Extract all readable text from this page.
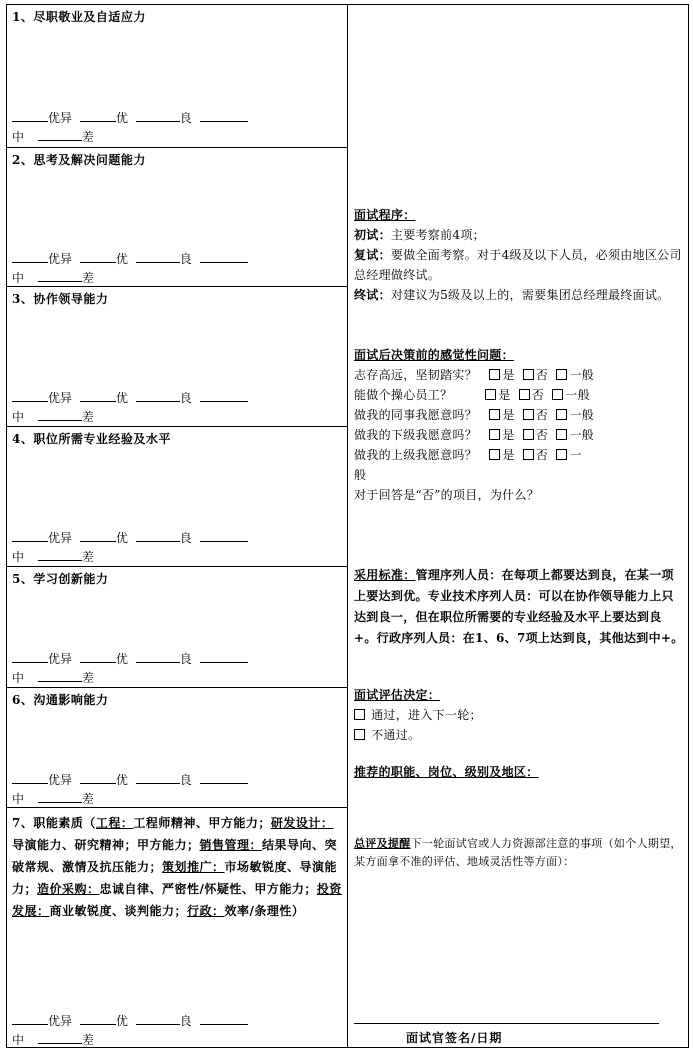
1、尽职敬业及自适应力
优异	优	良
中	差
2、思考及解决问题能力
优异	优	良
中	差
3、协作领导能力
优异	优	良
中	差
4、职位所需专业经验及水平
优异	优	良
中	差
5、学习创新能力
优异	优	良
中	差
6、沟通影响能力
优异	优	良
中	差
7、职能素质（工程：工程师精神、甲方能力；研发设计：导演能力、研究精神；甲方能力；销售管理：结果导向、突破常规、激情及抗压能力；策划推广：市场敏锐度、导演能力；造价采购：忠诚自律、严密性/怀疑性、甲方能力；投资发展：商业敏锐度、谈判能力；行政：效率/条理性）
优异	优	良
中	差
面试程序：
初试：主要考察前4项；
复试：要做全面考察。对于4级及以下人员，必须由地区公司总经理做终试。
终试：对建议为5级及以上的，需要集团总经理最终面试。
面试后决策前的感觉性问题：
志存高远，坚韧踏实？ 是 否 一般
能做个操心员工？	是 否 一般
做我的同事我愿意吗？ 是 否 一般
做我的下级我愿意吗？ 是 否 一般
做我的上级我愿意吗？ 是 否 一
般
对于回答是“否”的项目，为什么？
采用标准：管理序列人员：在每项上都要达到良，在某一项上要达到优。专业技术序列人员：可以在协作领导能力上只达到良一，但在职位所需要的专业经验及水平上要达到良+。行政序列人员：在1、6、7项上达到良，其他达到中+。
面试评估决定：
通过，进入下一轮；
不通过。
推荐的职能、岗位、级别及地区：
总评及提醒下一轮面试官或人力资源部注意的事项（如个人期望，某方面拿不准的评估、地域灵活性等方面）：
面试官签名/日期
